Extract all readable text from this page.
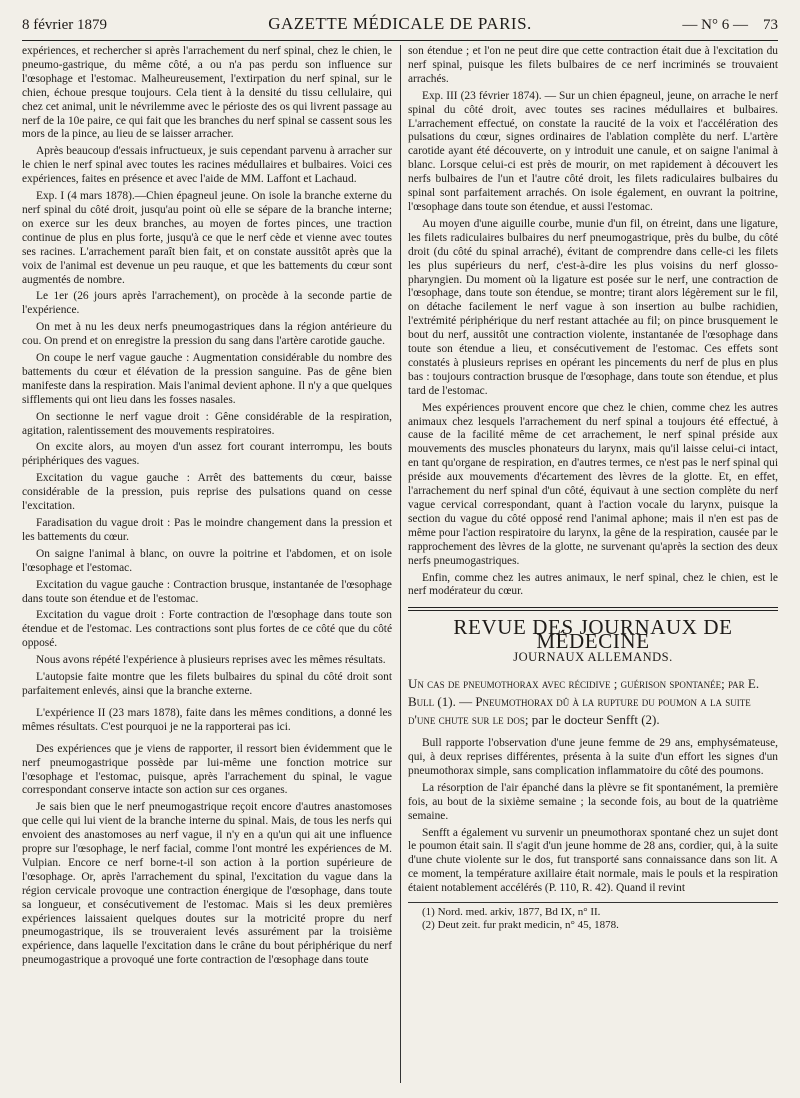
8 février 1879	GAZETTE MÉDICALE DE PARIS.	— N° 6 — 73

expériences, et rechercher si après l'arrachement du nerf spinal, chez le chien, le pneumo-gastrique, du même côté, a ou n'a pas perdu son influence sur l'œsophage et l'estomac. Malheureusement, l'extirpation du nerf spinal, sur le chien, échoue presque toujours. Cela tient à la densité du tissu cellulaire, qui chez cet animal, unit le névrilemme avec le périoste des os qui livrent passage au nerf de la 10e paire, ce qui fait que les branches du nerf spinal se cassent sous les mors de la pince, au lieu de se laisser arracher.

Après beaucoup d'essais infructueux, je suis cependant parvenu à arracher sur le chien le nerf spinal avec toutes les racines médullaires et bulbaires. Voici ces expériences, faites en présence et avec l'aide de MM. Laffont et Lachaud.

Exp. I (4 mars 1878).—Chien épagneul jeune. On isole la branche externe du nerf spinal du côté droit, jusqu'au point où elle se sépare de la branche interne; on exerce sur les deux branches, au moyen de fortes pinces, une traction continue de plus en plus forte, jusqu'à ce que le nerf cède et vienne avec toutes ses racines. L'arrachement paraît bien fait, et on constate aussitôt après que la voix de l'animal est devenue un peu rauque, et que les battements du cœur sont augmentés de nombre.

Le 1er (26 jours après l'arrachement), on procède à la seconde partie de l'expérience.

On met à nu les deux nerfs pneumogastriques dans la région antérieure du cou. On prend et on enregistre la pression du sang dans l'artère carotide gauche.

On coupe le nerf vague gauche : Augmentation considérable du nombre des battements du cœur et élévation de la pression sanguine. Pas de gêne bien manifeste dans la respiration. Mais l'animal devient aphone. Il n'y a que quelques sifflements qui ont lieu dans les fosses nasales.

On sectionne le nerf vague droit : Gêne considérable de la respiration, agitation, ralentissement des mouvements respiratoires.

On excite alors, au moyen d'un assez fort courant interrompu, les bouts périphériques des vagues.

Excitation du vague gauche : Arrêt des battements du cœur, baisse considérable de la pression, puis reprise des pulsations quand on cesse l'excitation.

Faradisation du vague droit : Pas le moindre changement dans la pression et les battements du cœur.

On saigne l'animal à blanc, on ouvre la poitrine et l'abdomen, et on isole l'œsophage et l'estomac.

Excitation du vague gauche : Contraction brusque, instantanée de l'œsophage dans toute son étendue et de l'estomac.

Excitation du vague droit : Forte contraction de l'œsophage dans toute son étendue et de l'estomac. Les contractions sont plus fortes de ce côté que du côté opposé.

Nous avons répété l'expérience à plusieurs reprises avec les mêmes résultats.

L'autopsie faite montre que les filets bulbaires du spinal du côté droit sont parfaitement enlevés, ainsi que la branche externe.

L'expérience II (23 mars 1878), faite dans les mêmes conditions, a donné les mêmes résultats. C'est pourquoi je ne la rapporterai pas ici.

Des expériences que je viens de rapporter, il ressort bien évidemment que le nerf pneumogastrique possède par lui-même une fonction motrice sur l'œsophage et l'estomac, puisque, après l'arrachement du spinal, le vague correspondant conserve intacte son action sur ces organes.

Je sais bien que le nerf pneumogastrique reçoit encore d'autres anastomoses que celle qui lui vient de la branche interne du spinal. Mais, de tous les nerfs qui envoient des anastomoses au nerf vague, il n'y en a qu'un qui ait une influence propre sur l'œsophage, le nerf facial, comme l'ont montré les expériences de M. Vulpian. Encore ce nerf borne-t-il son action à la portion supérieure de l'œsophage. Or, après l'arrachement du spinal, l'excitation du vague dans la région cervicale provoque une contraction énergique de l'œsophage, dans toute sa longueur, et consécutivement de l'estomac. Mais si les deux premières expériences laissaient quelques doutes sur la motricité propre du nerf pneumogastrique, ils se trouveraient levés assurément par la troisième expérience, dans laquelle l'excitation dans le crâne du bout périphérique du nerf pneumogastrique a provoqué une forte contraction de l'œsophage dans toute

son étendue ; et l'on ne peut dire que cette contraction était due à l'excitation du nerf spinal, puisque les filets bulbaires de ce nerf incriminés se trouvaient arrachés.

Exp. III (23 février 1874). — Sur un chien épagneul, jeune, on arrache le nerf spinal du côté droit, avec toutes ses racines médullaires et bulbaires. L'arrachement effectué, on constate la raucité de la voix et l'accélération des pulsations du cœur, signes ordinaires de l'ablation complète du nerf. L'artère carotide ayant été découverte, on y introduit une canule, et on saigne l'animal à blanc. Lorsque celui-ci est près de mourir, on met rapidement à découvert les nerfs bulbaires de l'un et l'autre côté droit, les filets radiculaires bulbaires du spinal sont parfaitement arrachés. On isole également, en ouvrant la poitrine, l'œsophage dans toute son étendue, et aussi l'estomac.

Au moyen d'une aiguille courbe, munie d'un fil, on étreint, dans une ligature, les filets radiculaires bulbaires du nerf pneumogastrique, près du bulbe, du côté droit (du côté du spinal arraché), évitant de comprendre dans celle-ci les filets les plus supérieurs du nerf, c'est-à-dire les plus voisins du nerf glosso-pharyngien. Du moment où la ligature est posée sur le nerf, une contraction de l'œsophage, dans toute son étendue, se montre; tirant alors légèrement sur le fil, on détache facilement le nerf vague à son insertion au bulbe rachidien, l'extrémité périphérique du nerf restant attachée au fil; on pince brusquement le bout du nerf, aussitôt une contraction violente, instantanée de l'œsophage dans toute son étendue a lieu, et consécutivement de l'estomac. Ces effets sont constatés à plusieurs reprises en opérant les pincements du nerf de plus en plus bas : toujours contraction brusque de l'œsophage, dans toute son étendue, et plus tard de l'estomac.

Mes expériences prouvent encore que chez le chien, comme chez les autres animaux chez lesquels l'arrachement du nerf spinal a toujours été effectué, à cause de la facilité même de cet arrachement, le nerf spinal préside aux mouvements des muscles phonateurs du larynx, mais qu'il laisse celui-ci intact, en tant qu'organe de respiration, en d'autres termes, ce n'est pas le nerf spinal qui préside aux mouvements d'écartement des lèvres de la glotte. Et, en effet, l'arrachement du nerf spinal d'un côté, équivaut à une section complète du nerf vague cervical correspondant, quant à l'action vocale du larynx, puisque la section du vague du côté opposé rend l'animal aphone; mais il n'en est pas de même pour l'action respiratoire du larynx, la gêne de la respiration, causée par le rapprochement des lèvres de la glotte, ne survenant qu'après la section des deux nerfs pneumogastriques.

Enfin, comme chez les autres animaux, le nerf spinal, chez le chien, est le nerf modérateur du cœur.

REVUE DES JOURNAUX DE MÉDECINE
JOURNAUX ALLEMANDS.
Un cas de pneumothorax avec récidive ; guérison spontanée; par E. Bull (1). — Pneumothorax dû à la rupture du poumon a la suite d'une chute sur le dos; par le docteur Senfft (2).

Bull rapporte l'observation d'une jeune femme de 29 ans, emphysémateuse, qui, à deux reprises différentes, présenta à la suite d'un effort les signes d'un pneumothorax simple, sans complication inflammatoire du côté des poumons.

La résorption de l'air épanché dans la plèvre se fit spontanément, la première fois, au bout de la sixième semaine ; la seconde fois, au bout de la quatrième semaine.

Senfft a également vu survenir un pneumothorax spontané chez un sujet dont le poumon était sain. Il s'agit d'un jeune homme de 28 ans, cordier, qui, à la suite d'une chute violente sur le dos, fut transporté sans connaissance dans son lit. A ce moment, la température axillaire était normale, mais le pouls et la respiration étaient notablement accélérés (P. 110, R. 42). Quand il revint

(1) Nord. med. arkiv, 1877, Bd IX, n° II.
(2) Deut zeit. fur prakt medicin, n° 45, 1878.
